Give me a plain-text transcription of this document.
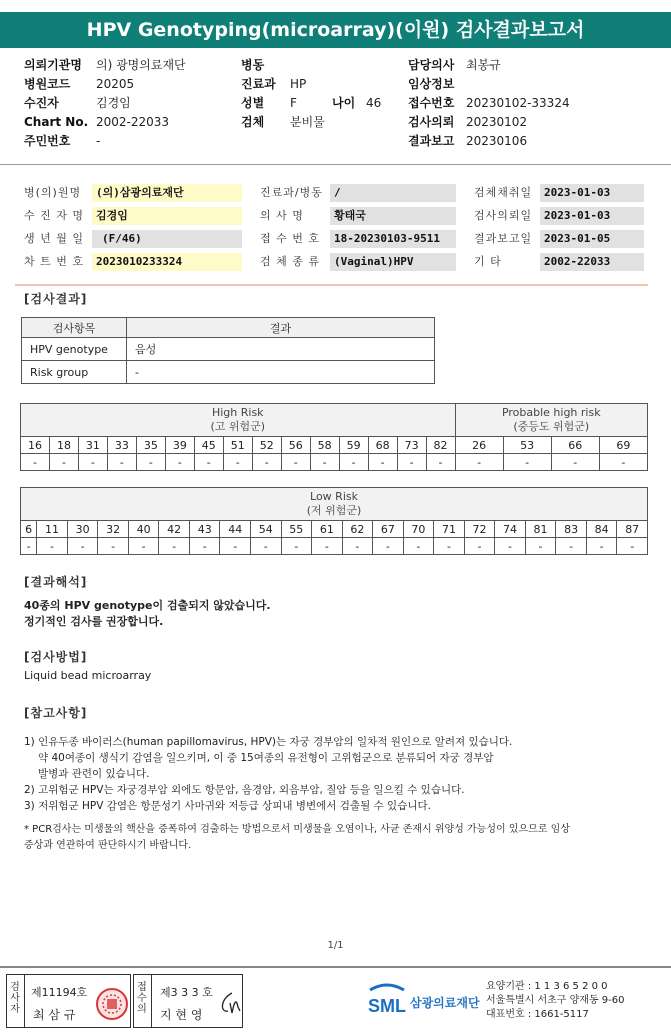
HPV Genotyping(microarray)(이원) 검사결과보고서
의뢰기관명 의) 광명의료재단
병원코드 20205
수진자	김경임
Chart No. 2002-22033
주민번호 -
병동
진료과 HP
성별 F	나이 46
검체 분비물
담당의사 최봉규
임상정보
접수번호 20230102-33324
검사의뢰 20230102
결과보고 20230106
병(의)원명	(의)삼광의료재단	진료과/병동	/	검체채취일	2023-01-03
수 진 자 명	김경임	의 사 명	황태국	검사의뢰일	2023-01-03
생 년 월 일	(F/46)	접 수 번 호	18-20230103-9511	결과보고일	2023-01-05
차 트 번 호	2023010233324	검 체 종 류	(Vaginal)HPV	기 타	2002-22033
[검사결과]
검사항목	결과
HPV genotype	음성
Risk group	-
High Risk
(고 위험군)															Probable high risk
(중등도 위험군)			
16	18	31	33	35	39	45	51	52	56	58	59	68	73	82	26	53	66	69
-	-	-	-	-	-	-	-	-	-	-	-	-	-	-	-	-	-	-
Low Risk
(저 위험군)																				
6	11	30	32	40	42	43	44	54	55	61	62	67	70	71	72	74	81	83	84	87
-	-	-	-	-	-	-	-	-	-	-	-	-	-	-	-	-	-	-	-	-
[결과해석]
40종의 HPV genotype이 검출되지 않았습니다.
정기적인 검사를 권장합니다.
[검사방법]
Liquid bead microarray
[참고사항]
1) 인유두종 바이러스(human papillomavirus, HPV)는 자궁 경부암의 일차적 원인으로 알려져 있습니다.
약 40여종이 생식기 감염을 일으키며, 이 중 15여종의 유전형이 고위험군으로 분류되어 자궁 경부암
발병과 관련이 있습니다.
2) 고위험군 HPV는 자궁경부암 외에도 항문암, 음경암, 외음부암, 질암 등을 일으킬 수 있습니다.
3) 저위험군 HPV 감염은 항문성기 사마귀와 저등급 상피내 병변에서 검출될 수 있습니다.
* PCR검사는 미생물의 핵산을 증폭하여 검출하는 방법으로서 미생물을 오염이나, 사균 존재시 위양성 가능성이 있으므로 임상
증상과 연관하여 판단하시기 바랍니다.
1/1
검사자
제11194호
최 삼 규
접수의
제3 3 3 호
지 현 영	SML 삼광의료재단
요양기관 : 1 1 3 6 5 2 0 0
서울특별시 서초구 양재동 9-60
대표번호 : 1661-5117
